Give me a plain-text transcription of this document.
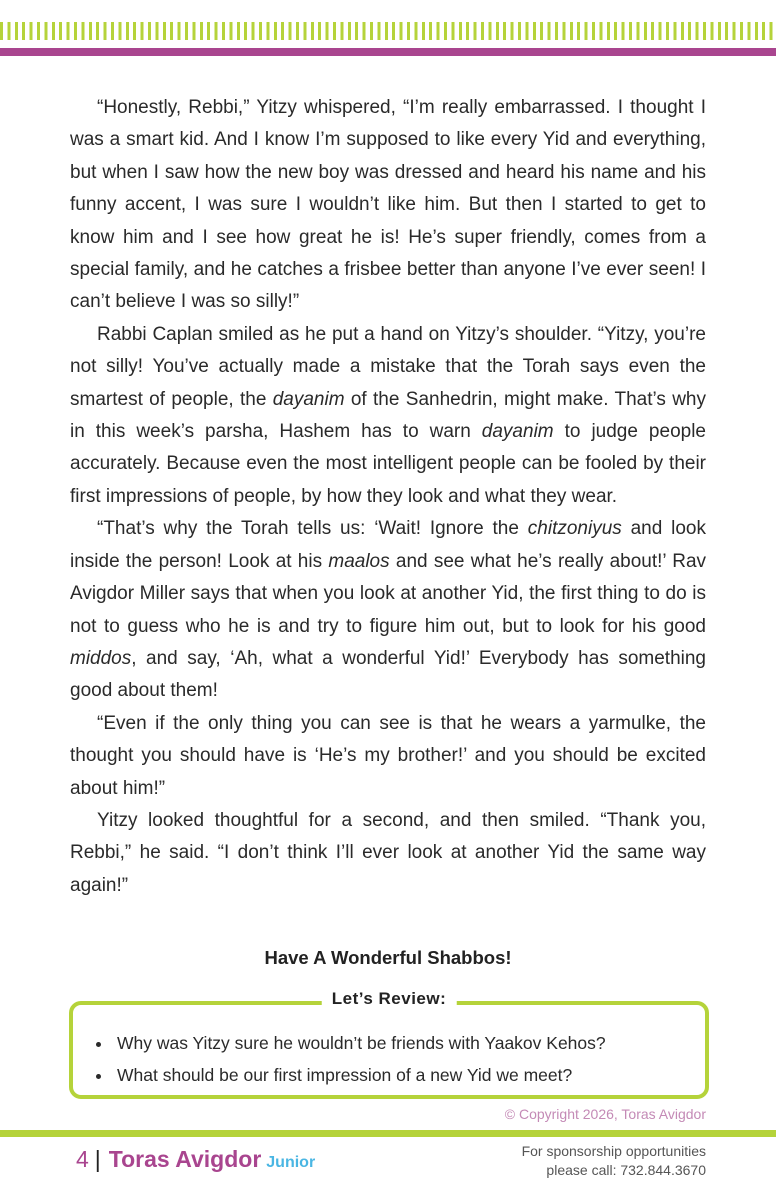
“Honestly, Rebbi,” Yitzy whispered, “I’m really embarrassed. I thought I was a smart kid. And I know I’m supposed to like every Yid and everything, but when I saw how the new boy was dressed and heard his name and his funny accent, I was sure I wouldn’t like him. But then I started to get to know him and I see how great he is! He’s super friendly, comes from a special family, and he catches a frisbee better than anyone I’ve ever seen! I can’t believe I was so silly!”

Rabbi Caplan smiled as he put a hand on Yitzy’s shoulder. “Yitzy, you’re not silly! You’ve actually made a mistake that the Torah says even the smartest of people, the dayanim of the Sanhedrin, might make. That’s why in this week’s parsha, Hashem has to warn dayanim to judge people accurately. Because even the most intelligent people can be fooled by their first impressions of people, by how they look and what they wear.

“That’s why the Torah tells us: ‘Wait! Ignore the chitzoniyus and look inside the person! Look at his maalos and see what he’s really about!’ Rav Avigdor Miller says that when you look at another Yid, the first thing to do is not to guess who he is and try to figure him out, but to look for his good middos, and say, ‘Ah, what a wonderful Yid!’ Everybody has something good about them!

“Even if the only thing you can see is that he wears a yarmulke, the thought you should have is ‘He’s my brother!’ and you should be excited about him!”

Yitzy looked thoughtful for a second, and then smiled. “Thank you, Rebbi,” he said. “I don’t think I’ll ever look at another Yid the same way again!”

Have A Wonderful Shabbos!
Let’s Review:
• Why was Yitzy sure he wouldn’t be friends with Yaakov Kehos?
• What should be our first impression of a new Yid we meet?
© Copyright 2026, Toras Avigdor
4 | Toras Avigdor Junior
For sponsorship opportunities
please call: 732.844.3670
